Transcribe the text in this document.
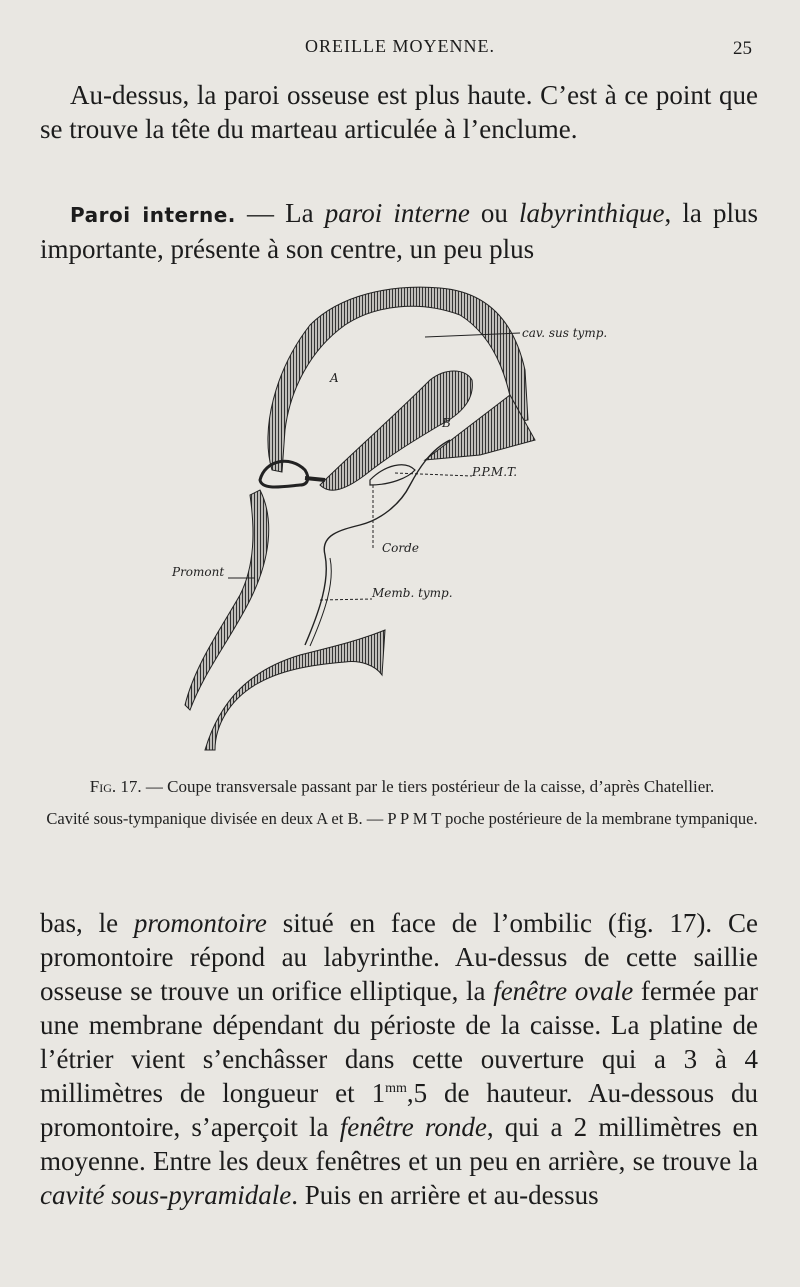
OREILLE MOYENNE.	25
Au-dessus, la paroi osseuse est plus haute. C’est à ce point que se trouve la tête du marteau articulée à l’enclume.
Paroi interne. — La paroi interne ou labyrinthique, la plus importante, présente à son centre, un peu plus
cav. sus tymp.
A
B
P.P.M.T.
Corde
Promont
Memb. tymp.
Fig. 17. — Coupe transversale passant par le tiers postérieur de la caisse, d’après Chatellier.
Cavité sous-tympanique divisée en deux A et B. — P P M T poche postérieure de la membrane tympanique.
bas, le promontoire situé en face de l’ombilic (fig. 17). Ce promontoire répond au labyrinthe. Au-dessus de cette saillie osseuse se trouve un orifice elliptique, la fenêtre ovale fermée par une membrane dépendant du périoste de la caisse. La platine de l’étrier vient s’enchâsser dans cette ouverture qui a 3 à 4 millimètres de longueur et $1^{mm},5$ de hauteur. Au-dessous du promontoire, s’aperçoit la fenêtre ronde, qui a 2 millimètres en moyenne. Entre les deux fenêtres et un peu en arrière, se trouve la cavité sous-pyramidale. Puis en arrière et au-dessus
